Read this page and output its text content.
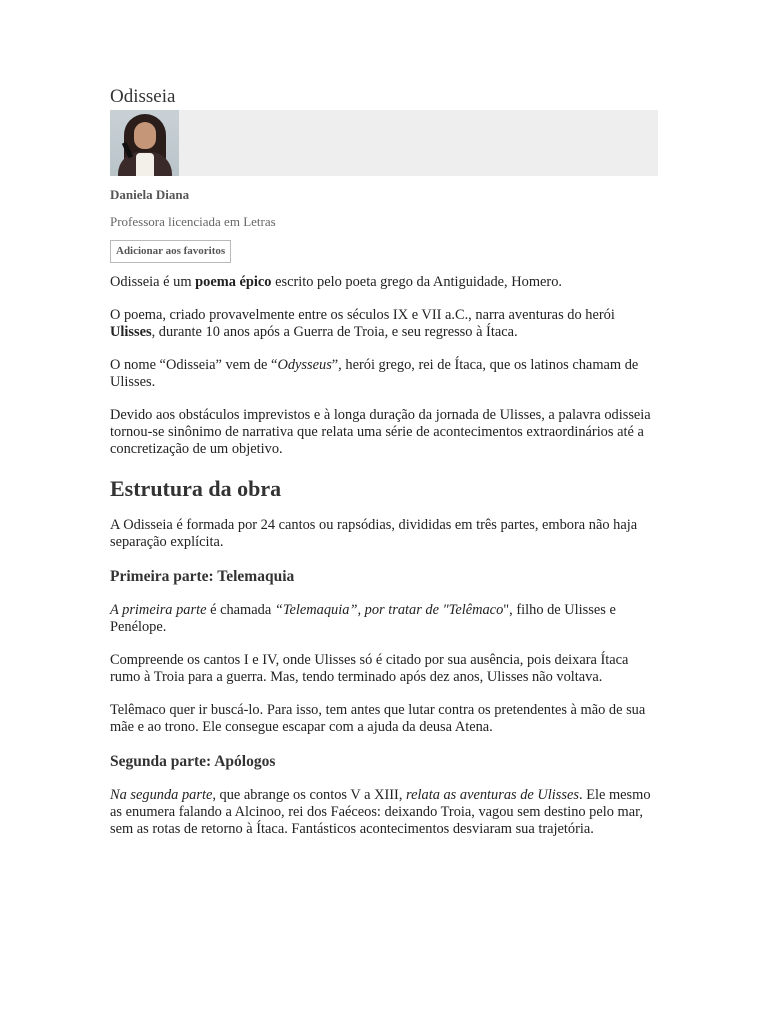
Odisseia
Daniela Diana
Professora licenciada em Letras
Adicionar aos favoritos

Odisseia é um poema épico escrito pelo poeta grego da Antiguidade, Homero.

O poema, criado provavelmente entre os séculos IX e VII a.C., narra aventuras do herói Ulisses, durante 10 anos após a Guerra de Troia, e seu regresso à Ítaca.

O nome “Odisseia” vem de “Odysseus”, herói grego, rei de Ítaca, que os latinos chamam de Ulisses.

Devido aos obstáculos imprevistos e à longa duração da jornada de Ulisses, a palavra odisseia tornou-se sinônimo de narrativa que relata uma série de acontecimentos extraordinários até a concretização de um objetivo.

Estrutura da obra

A Odisseia é formada por 24 cantos ou rapsódias, divididas em três partes, embora não haja separação explícita.

Primeira parte: Telemaquia

A primeira parte é chamada “Telemaquia”, por tratar de "Telêmaco", filho de Ulisses e Penélope.

Compreende os cantos I e IV, onde Ulisses só é citado por sua ausência, pois deixara Ítaca rumo à Troia para a guerra. Mas, tendo terminado após dez anos, Ulisses não voltava.

Telêmaco quer ir buscá-lo. Para isso, tem antes que lutar contra os pretendentes à mão de sua mãe e ao trono. Ele consegue escapar com a ajuda da deusa Atena.

Segunda parte: Apólogos

Na segunda parte, que abrange os contos V a XIII, relata as aventuras de Ulisses. Ele mesmo as enumera falando a Alcinoo, rei dos Faéceos: deixando Troia, vagou sem destino pelo mar, sem as rotas de retorno à Ítaca. Fantásticos acontecimentos desviaram sua trajetória.
